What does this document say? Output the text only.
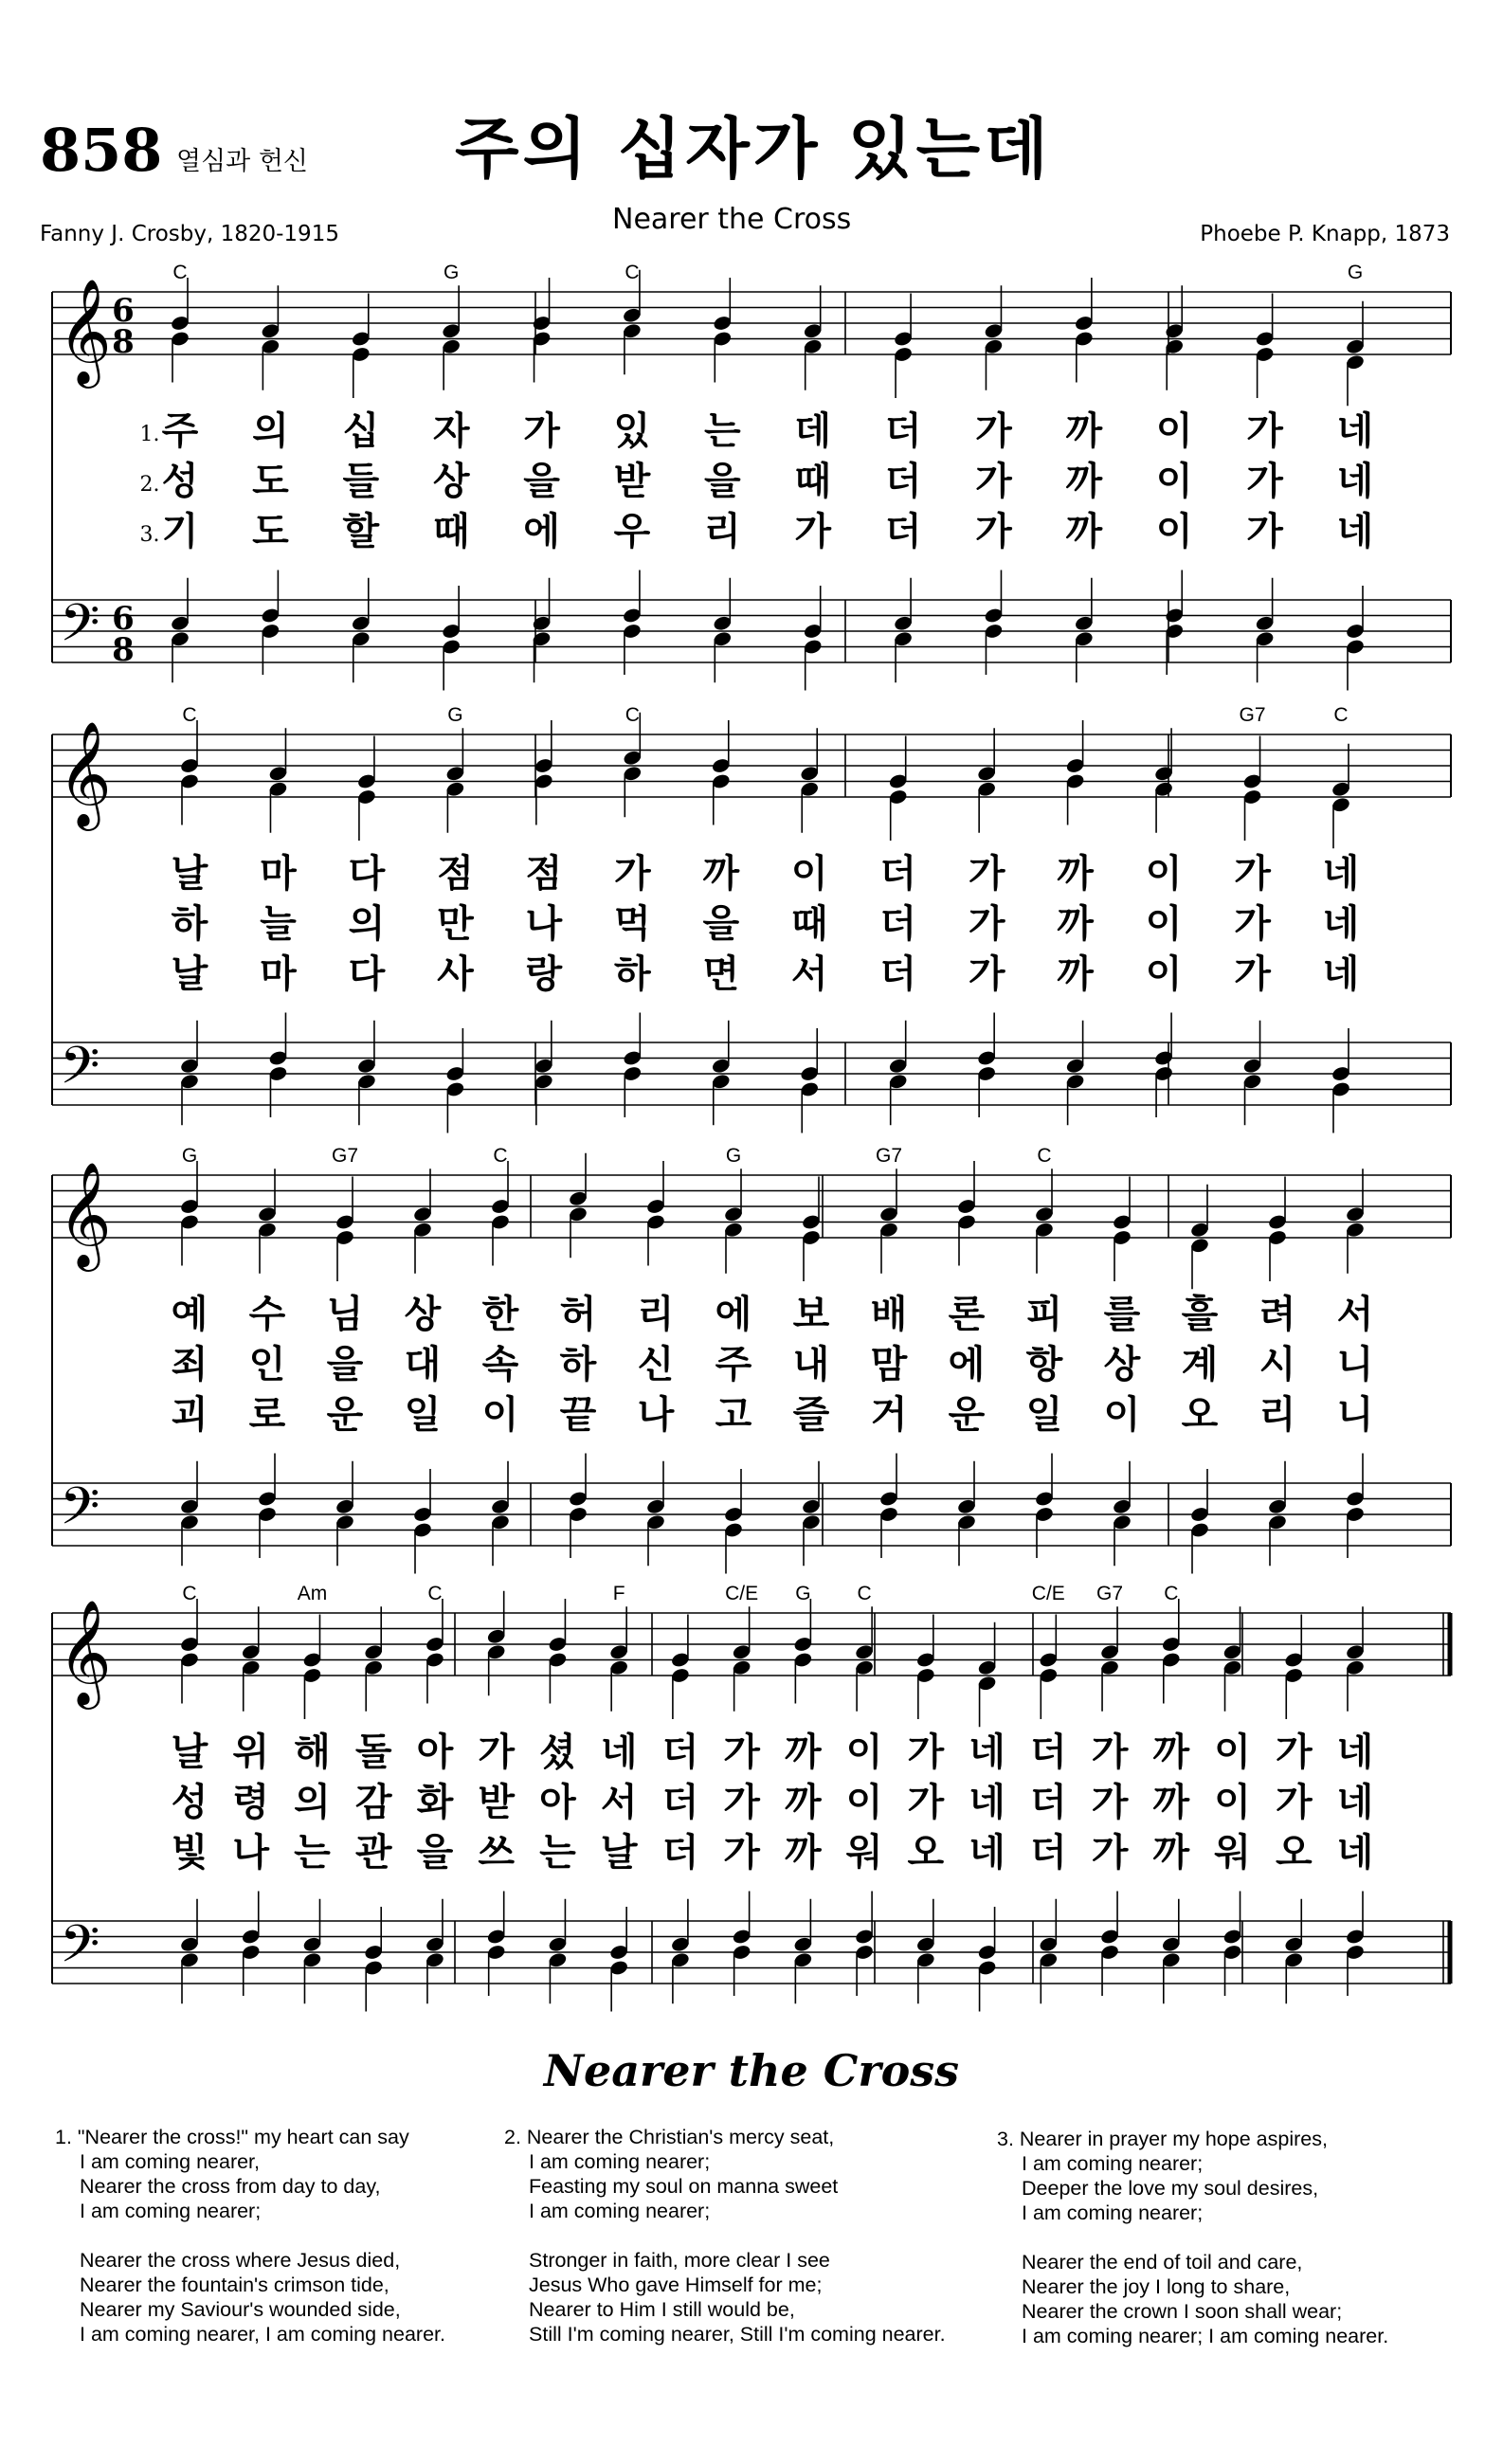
858 열심과 헌신 주의 십자가 있는데
Nearer the Cross
Fanny J. Crosby, 1820-1915	Phoebe P. Knapp, 1873
𝄞 6
8
𝄢 6
8
C	G	C	G
1.
2.
3.
주 의 십 자 가 있 는 데 더 가 까 이 가 네
성 도 들 상 을 받 을 때 더 가 까 이 가 네
기 도 할 때 에 우 리 가 더 가 까 이 가 네
𝄞
𝄢
C	G	C	G7	C
날 마 다 점 점 가 까 이 더 가 까 이 가 네
하 늘 의 만 나 먹 을 때 더 가 까 이 가 네
날 마 다 사 랑 하 면 서 더 가 까 이 가 네
𝄞
𝄢
G	G7	C	G	G7	C
예 수 님 상 한 허 리 에 보 배 론 피 를 흘 려 서
죄 인 을 대 속 하 신 주 내 맘 에 항 상 계 시 니
괴 로 운 일 이 끝 나 고 즐 거 운 일 이 오 리 니
𝄞
𝄢
C	Am	C	F	C/E G C	C/E G7 C
날 위 해 돌 아 가 셨 네 더 가 까 이 가 네 더 가 까 이 가 네
성 령 의 감 화 받 아 서 더 가 까 이 가 네 더 가 까 이 가 네
빛 나 는 관 을 쓰 는 날 더 가 까 워 오 네 더 가 까 워 오 네
Nearer the Cross
1. "Nearer the cross!" my heart can say
I am coming nearer,
Nearer the cross from day to day,
I am coming nearer;
Nearer the cross where Jesus died,
Nearer the fountain's crimson tide,
Nearer my Saviour's wounded side,
I am coming nearer, I am coming nearer.
2. Nearer the Christian's mercy seat,
I am coming nearer;
Feasting my soul on manna sweet
I am coming nearer;
Stronger in faith, more clear I see
Jesus Who gave Himself for me;
Nearer to Him I still would be,
Still I'm coming nearer, Still I'm coming nearer.
3. Nearer in prayer my hope aspires,
I am coming nearer;
Deeper the love my soul desires,
I am coming nearer;
Nearer the end of toil and care,
Nearer the joy I long to share,
Nearer the crown I soon shall wear;
I am coming nearer; I am coming nearer.
